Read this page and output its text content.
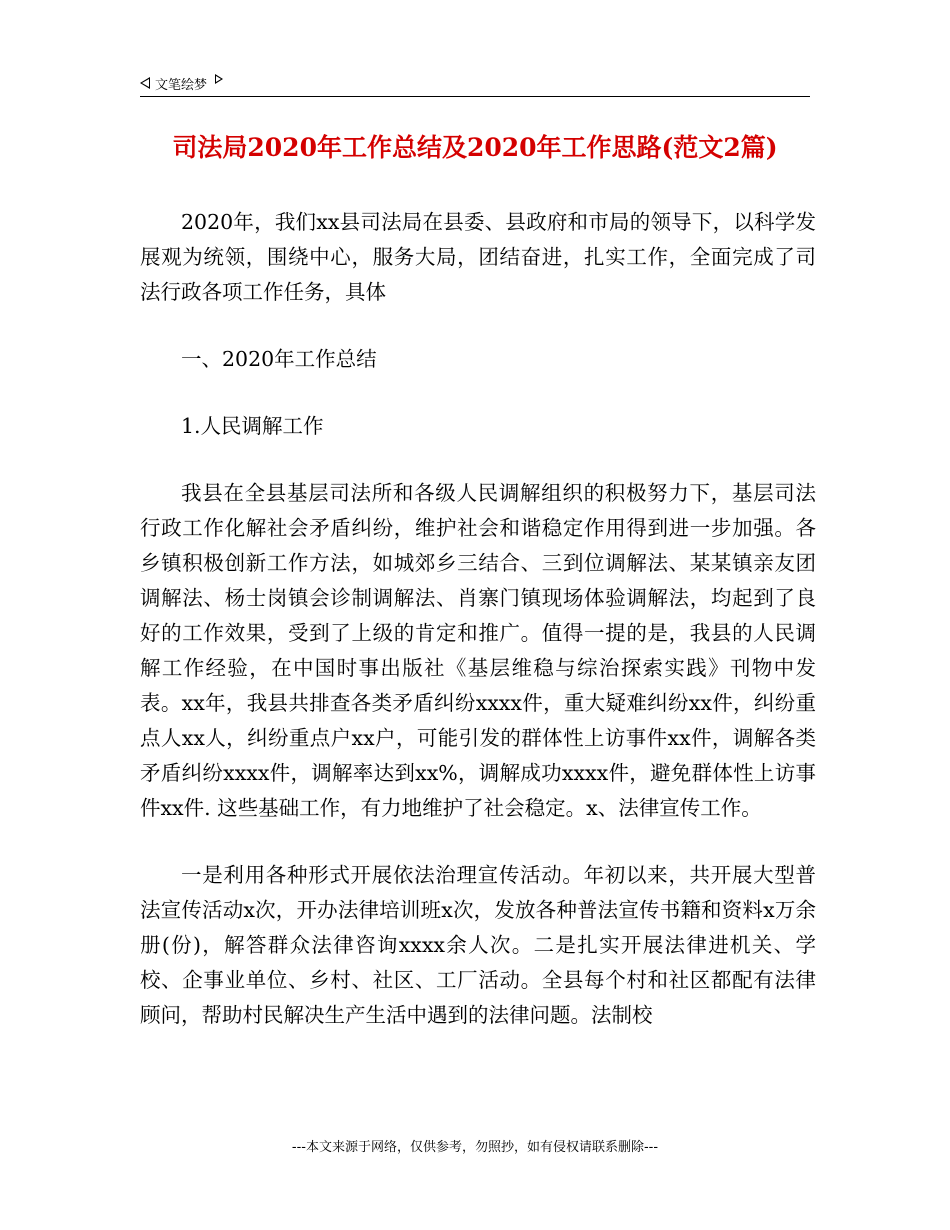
文笔绘梦
司法局2020年工作总结及2020年工作思路(范文2篇)

2020年，我们xx县司法局在县委、县政府和市局的领导下，以科学发展观为统领，围绕中心，服务大局，团结奋进，扎实工作，全面完成了司法行政各项工作任务，具体

一、2020年工作总结

1.人民调解工作

我县在全县基层司法所和各级人民调解组织的积极努力下，基层司法行政工作化解社会矛盾纠纷，维护社会和谐稳定作用得到进一步加强。各乡镇积极创新工作方法，如城郊乡三结合、三到位调解法、某某镇亲友团调解法、杨士岗镇会诊制调解法、肖寨门镇现场体验调解法，均起到了良好的工作效果，受到了上级的肯定和推广。值得一提的是，我县的人民调解工作经验，在中国时事出版社《基层维稳与综治探索实践》刊物中发表。xx年，我县共排查各类矛盾纠纷xxxx件，重大疑难纠纷xx件，纠纷重点人xx人，纠纷重点户xx户，可能引发的群体性上访事件xx件，调解各类矛盾纠纷xxxx件，调解率达到xx%，调解成功xxxx件，避免群体性上访事件xx件. 这些基础工作，有力地维护了社会稳定。x、法律宣传工作。

一是利用各种形式开展依法治理宣传活动。年初以来，共开展大型普法宣传活动x次，开办法律培训班x次，发放各种普法宣传书籍和资料x万余册(份)，解答群众法律咨询xxxx余人次。二是扎实开展法律进机关、学校、企事业单位、乡村、社区、工厂活动。全县每个村和社区都配有法律顾问，帮助村民解决生产生活中遇到的法律问题。法制校

---本文来源于网络，仅供参考，勿照抄，如有侵权请联系删除---
